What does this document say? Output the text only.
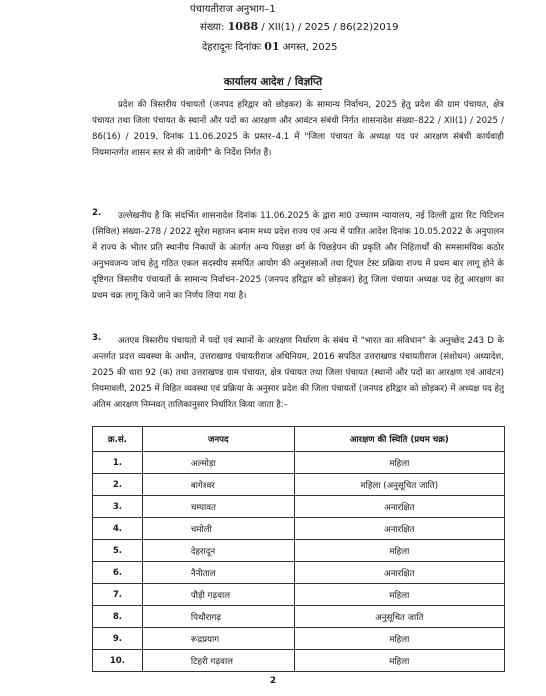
पंचायतीराज अनुभाग–1
संख्या: 1088 / XII(1) / 2025 / 86(22)2019
देहरादूनः दिनांकः 01 अगस्त, 2025
कार्यालय आदेश / विज्ञप्ति
प्रदेश की त्रिस्तरीय पंचायतों (जनपद हरिद्वार को छोड़कर) के सामान्य निर्वाचन, 2025 हेतु प्रदेश की ग्राम पंचायत, क्षेत्र पंचायत तथा जिला पंचायत के स्थानों और पदों का आरक्षण और आवंटन संबंधी निर्गत शासनादेश संख्या–822 / XII(1) / 2025 / 86(16) / 2019, दिनांक 11.06.2025 के प्रस्तर–4.1 में "जिला पंचायत के अध्यक्ष पद पर आरक्षण संबंधी कार्यवाही नियमान्तर्गत शासन स्तर से की जायेगी" के निर्देश निर्गत हैं।
2.	उल्लेखनीय है कि संदर्भित शासनादेश दिनांक 11.06.2025 के द्वारा मा0 उच्चतम न्यायालय, नई दिल्ली द्वारा रिट पिटिशन (सिविल) संख्या–278 / 2022 सुरेश महाजन बनाम मध्य प्रदेश राज्य एवं अन्य में पारित आदेश दिनांक 10.05.2022 के अनुपालन में राज्य के भीतर प्रति स्थानीय निकायों के अंतर्गत अन्य पिछड़ा वर्ग के पिछड़ेपन की प्रकृति और निहितार्थों की समसामयिक कठोर अनुभवजन्य जांच हेतु गठित एकल सदस्यीय समर्पित आयोग की अनुशंसाओं तथा ट्रिपल टेस्ट प्रक्रिया राज्य में प्रथम बार लागू होने के दृष्टिगत त्रिस्तरीय पंचायतों के सामान्य निर्वाचन–2025 (जनपद हरिद्वार को छोड़कर) हेतु जिला पंचायत अध्यक्ष पद हेतु आरक्षण का प्रथम चक्र लागू किये जाने का निर्णय लिया गया है।
3.	अतएव त्रिस्तरीय पंचायतों में पदों एवं स्थानों के आरक्षण निर्धारण के संबंध में "भारत का संविधान" के अनुच्छेद 243 D के अन्तर्गत प्रदत्त व्यवस्था के अधीन, उत्तराखण्ड पंचायतीराज अधिनियम, 2016 सपठित उत्तराखण्ड पंचायतीराज (संशोधन) अध्यादेश, 2025 की धारा 92 (क) तथा उत्तराखण्ड ग्राम पंचायत, क्षेत्र पंचायत तथा जिला पंचायत (स्थानों और पदों का आरक्षण एवं आवंटन) नियमावली, 2025 में विहित व्यवस्था एवं प्रक्रिया के अनुसार प्रदेश की जिला पंचायतों (जनपद हरिद्वार को छोड़कर) में अध्यक्ष पद हेतु अंतिम आरक्षण निम्नवत् तालिकानुसार निर्धारित किया जाता है:–
क्र.सं.	जनपद	आरक्षण की स्थिति (प्रथम चक्र)
1.	अल्मोड़ा	महिला
2.	बागेश्वर	महिला (अनुसूचित जाति)
3.	चम्पावत	अनारक्षित
4.	चमोली	अनारक्षित
5.	देहरादून	महिला
6.	नैनीताल	अनारक्षित
7.	पौड़ी गढ़वाल	महिला
8.	पिथौरागढ़	अनुसूचित जाति
9.	रूद्रप्रयाग	महिला
10.	टिहरी गढ़वाल	महिला
2
